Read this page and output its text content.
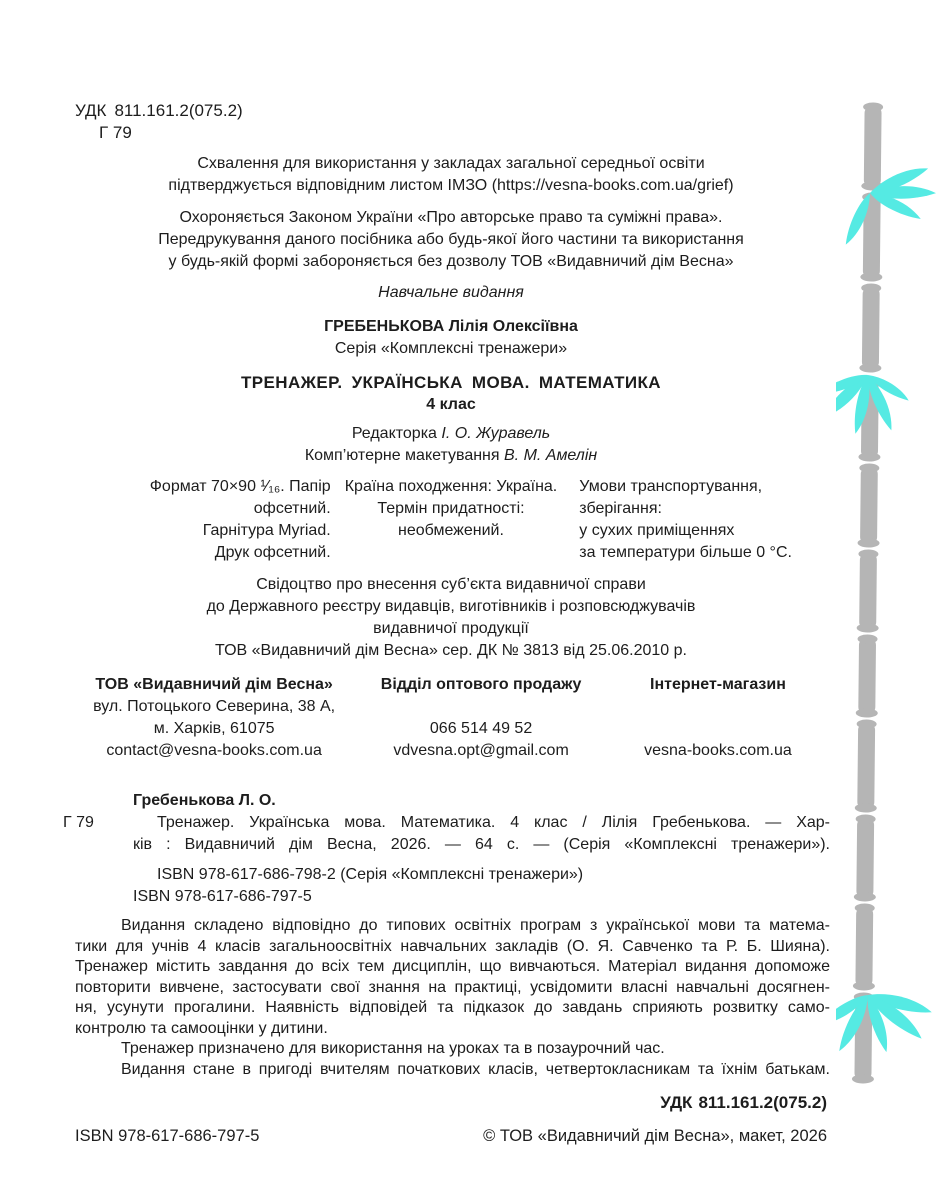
УДК 811.161.2(075.2)
Г 79
Схвалення для використання у закладах загальної середньої освіти
підтверджується відповідним листом ІМЗО (https://vesna-books.com.ua/grief)
Охороняється Законом України «Про авторське право та суміжні права».
Передрукування даного посібника або будь-якої його частини та використання
у будь-якій формі забороняється без дозволу ТОВ «Видавничий дім Весна»
Навчальне видання
ГРЕБЕНЬКОВА Лілія Олексіївна
Серія «Комплексні тренажери»
ТРЕНАЖЕР. УКРАЇНСЬКА МОВА. МАТЕМАТИКА
4 клас
Редакторка І. О. Журавель
Комп’ютерне макетування В. М. Амелін
Формат 70×90 ¹⁄₁₆. Папір офсетний.
Гарнітура Myriad.
Друк офсетний.
Країна походження: Україна.
Термін придатності:
необмежений.
Умови транспортування, зберігання:
у сухих приміщеннях
за температури більше 0 °С.
Свідоцтво про внесення суб’єкта видавничої справи
до Державного реєстру видавців, виготівників і розповсюджувачів
видавничої продукції
ТОВ «Видавничий дім Весна» сер. ДК № 3813 від 25.06.2010 р.
ТОВ «Видавничий дім Весна»
вул. Потоцького Северина, 38 А,
м. Харків, 61075
contact@vesna-books.com.ua
Відділ оптового продажу
066 514 49 52
vdvesna.opt@gmail.com
Інтернет-магазин
vesna-books.com.ua
Г 79
Гребенькова Л. О.
Тренажер. Українська мова. Математика. 4 клас / Лілія Гребенькова. — Хар-
ків : Видавничий дім Весна, 2026. — 64 с. — (Серія «Комплексні тренажери»).
ISBN 978-617-686-798-2 (Серія «Комплексні тренажери»)
ISBN 978-617-686-797-5
Видання складено відповідно до типових освітніх програм з української мови та матема-
тики для учнів 4 класів загальноосвітніх навчальних закладів (О. Я. Савченко та Р. Б. Шияна).
Тренажер містить завдання до всіх тем дисциплін, що вивчаються. Матеріал видання допоможе
повторити вивчене, застосувати свої знання на практиці, усвідомити власні навчальні досягнен-
ня, усунути прогалини. Наявність відповідей та підказок до завдань сприяють розвитку само-
контролю та самооцінки у дитини.
Тренажер призначено для використання на уроках та в позаурочний час.
Видання стане в пригоді вчителям початкових класів, четвертокласникам та їхнім батькам.
УДК 811.161.2(075.2)
ISBN 978-617-686-797-5	© ТОВ «Видавничий дім Весна», макет, 2026
